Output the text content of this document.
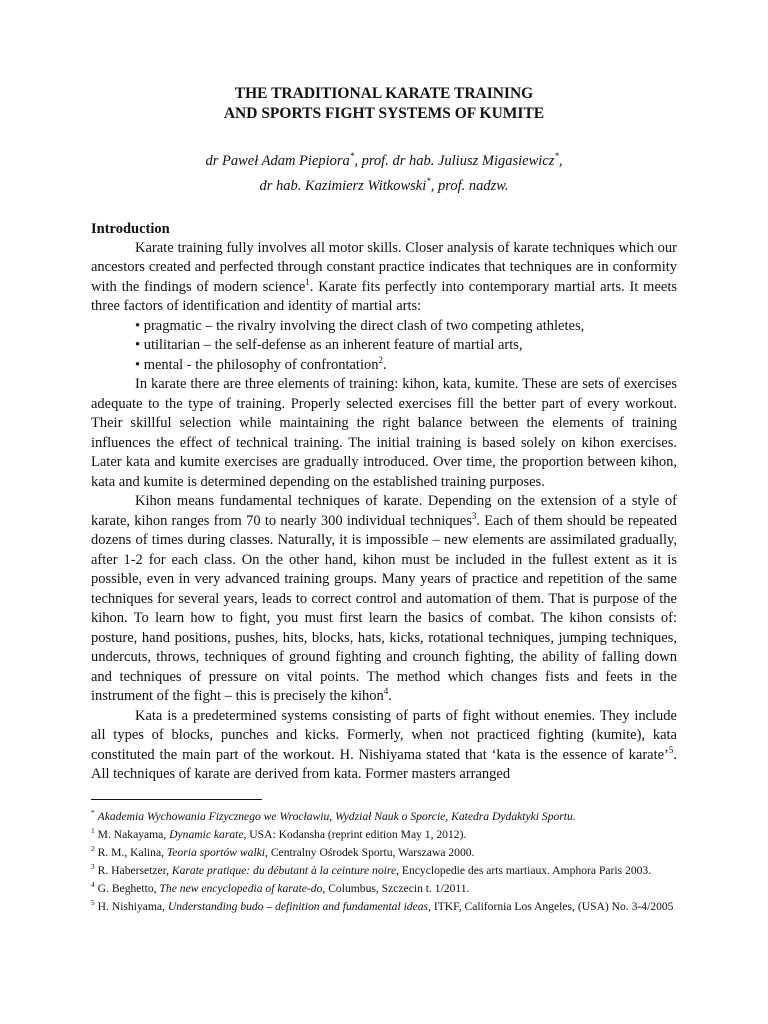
THE TRADITIONAL KARATE TRAINING
AND SPORTS FIGHT SYSTEMS OF KUMITE
dr Paweł Adam Piepiora*, prof. dr hab. Juliusz Migasiewicz*,
dr hab. Kazimierz Witkowski*, prof. nadzw.
Introduction

Karate training fully involves all motor skills. Closer analysis of karate techniques which our ancestors created and perfected through constant practice indicates that techniques are in conformity with the findings of modern science$^1$. Karate fits perfectly into contemporary martial arts. It meets three factors of identification and identity of martial arts:

• pragmatic – the rivalry involving the direct clash of two competing athletes,
• utilitarian – the self-defense as an inherent feature of martial arts,
• mental - the philosophy of confrontation$^2$.

In karate there are three elements of training: kihon, kata, kumite. These are sets of exercises adequate to the type of training. Properly selected exercises fill the better part of every workout. Their skillful selection while maintaining the right balance between the elements of training influences the effect of technical training. The initial training is based solely on kihon exercises. Later kata and kumite exercises are gradually introduced. Over time, the proportion between kihon, kata and kumite is determined depending on the established training purposes.

Kihon means fundamental techniques of karate. Depending on the extension of a style of karate, kihon ranges from 70 to nearly 300 individual techniques$^3$. Each of them should be repeated dozens of times during classes. Naturally, it is impossible – new elements are assimilated gradually, after 1-2 for each class. On the other hand, kihon must be included in the fullest extent as it is possible, even in very advanced training groups. Many years of practice and repetition of the same techniques for several years, leads to correct control and automation of them. That is purpose of the kihon. To learn how to fight, you must first learn the basics of combat. The kihon consists of: posture, hand positions, pushes, hits, blocks, hats, kicks, rotational techniques, jumping techniques, undercuts, throws, techniques of ground fighting and crounch fighting, the ability of falling down and techniques of pressure on vital points. The method which changes fists and feets in the instrument of the fight – this is precisely the kihon$^4$.

Kata is a predetermined systems consisting of parts of fight without enemies. They include all types of blocks, punches and kicks. Formerly, when not practiced fighting (kumite), kata constituted the main part of the workout. H. Nishiyama stated that ‘kata is the essence of karate’$^5$. All techniques of karate are derived from kata. Former masters arranged

* Akademia Wychowania Fizycznego we Wrocławiu, Wydział Nauk o Sporcie, Katedra Dydaktyki Sportu.
$^1$ M. Nakayama, Dynamic karate, USA: Kodansha (reprint edition May 1, 2012).
$^2$ R. M., Kalina, Teoria sportów walki, Centralny Ośrodek Sportu, Warszawa 2000.
$^3$ R. Habersetzer, Karate pratique: du débutant à la ceinture noire, Encyclopedie des arts martiaux. Amphora Paris 2003.
$^4$ G. Beghetto, The new encyclopedia of karate-do, Columbus, Szczecin t. 1/2011.
$^5$ H. Nishiyama, Understanding budo – definition and fundamental ideas, ITKF, California Los Angeles, (USA) No. 3-4/2005
